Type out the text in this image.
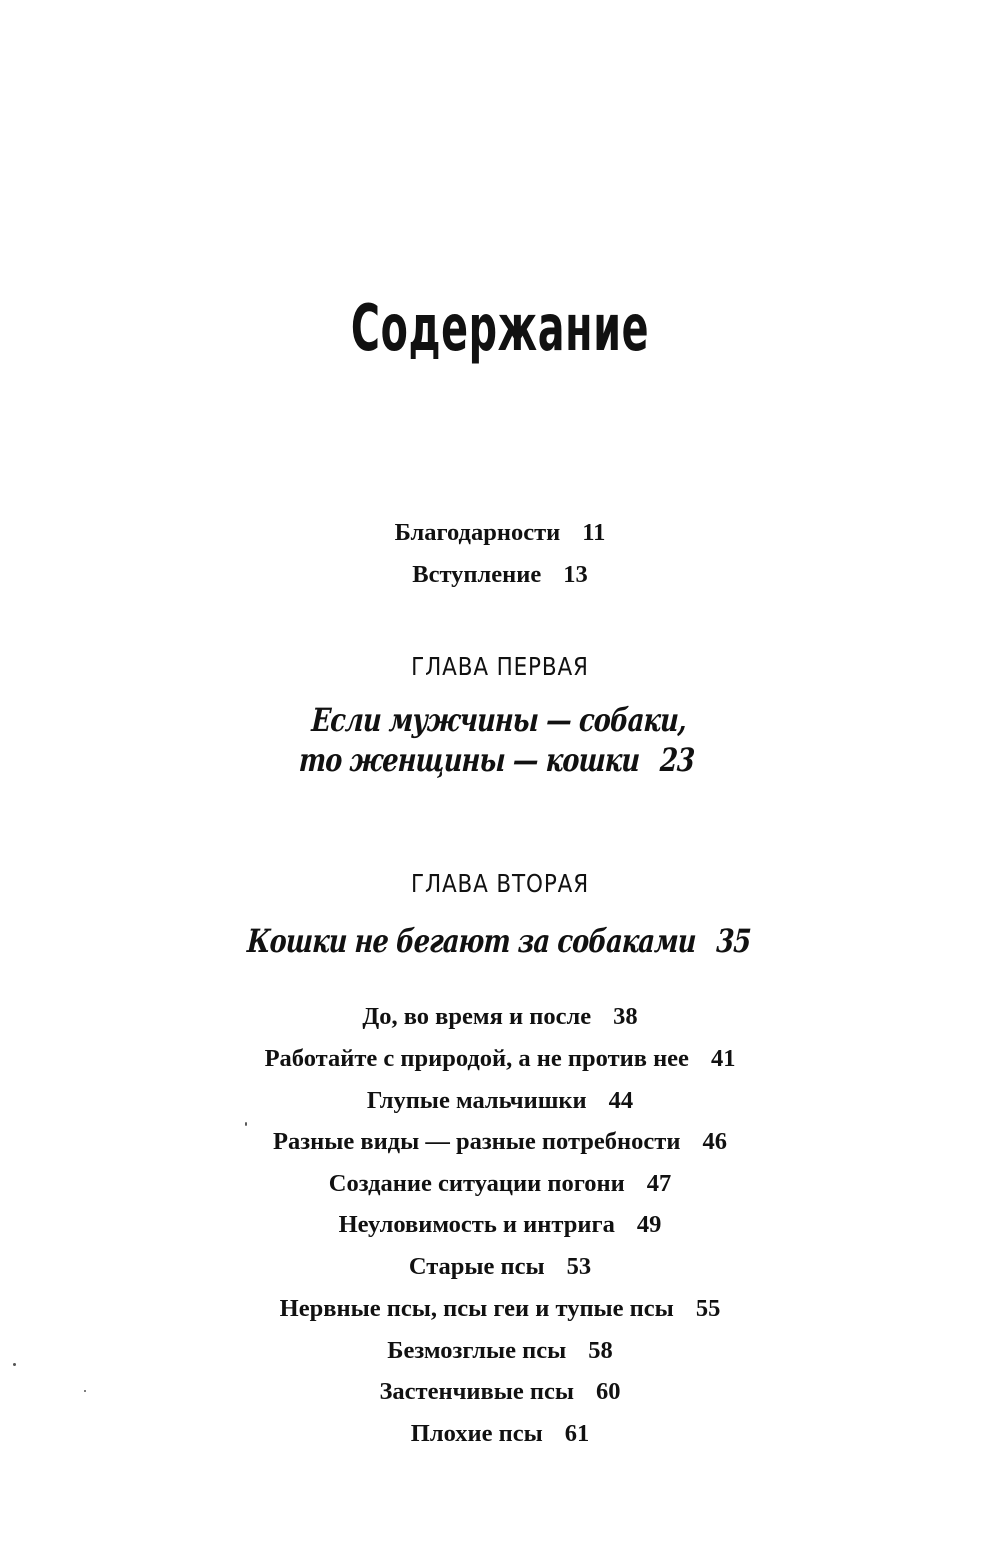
Содержание
Благодарности 11
Вступление 13
ГЛАВА ПЕРВАЯ
Если мужчины — собаки,
то женщины — кошки 23
ГЛАВА ВТОРАЯ
Кошки не бегают за собаками 35
До, во время и после 38
Работайте с природой, а не против нее 41
Глупые мальчишки 44
Разные виды — разные потребности 46
Создание ситуации погони 47
Неуловимость и интрига 49
Старые псы 53
Нервные псы, псы геи и тупые псы 55
Безмозглые псы 58
Застенчивые псы 60
Плохие псы 61
